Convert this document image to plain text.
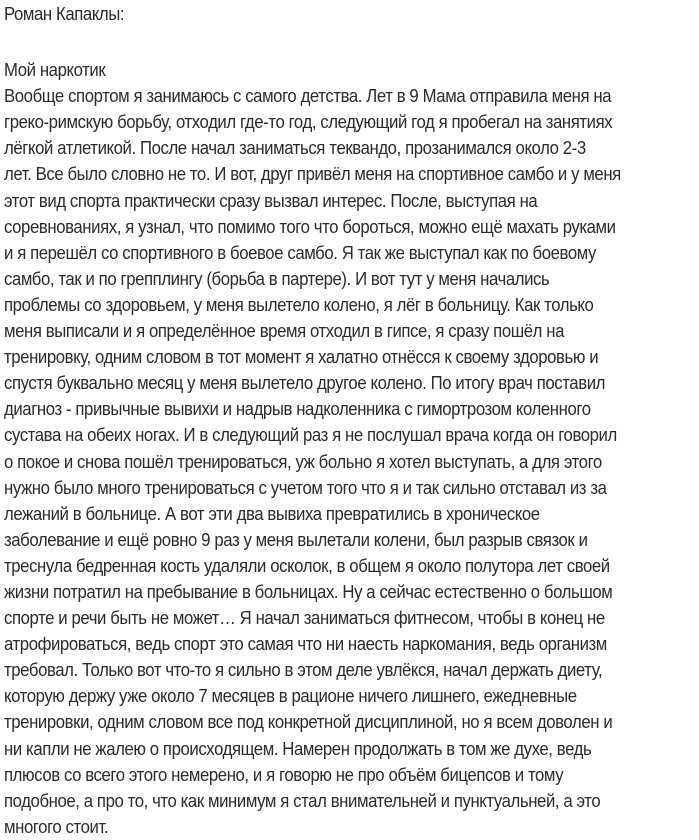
Роман Капаклы:
Мой наркотик
Вообще спортом я занимаюсь с самого детства. Лет в 9 Мама отправила меня на
греко-римскую борьбу, отходил где-то год, следующий год я пробегал на занятиях
лёгкой атлетикой. После начал заниматься тeквандо, прозанимался около 2-3
лет. Все было словно не то. И вот, друг привёл меня на спортивное самбо и у меня
этот вид спорта практически сразу вызвал интерес. После, выступая на
соревнованиях, я узнал, что помимо того что бороться, можно ещё махать руками
и я перешёл со спортивного в боевое самбо. Я так же выступал как по боевому
самбо, так и по грепплингу (борьба в партере). И вот тут у меня начались
проблемы со здоровьем, у меня вылетело колено, я лёг в больницу. Как только
меня выписали и я определённое время отходил в гипсе, я сразу пошёл на
тренировку, одним словом в тот момент я халатно отнёсся к своему здоровью и
спустя буквально месяц у меня вылетело другое колено. По итогу врач поставил
диагноз - привычные вывихи и надрыв надколенника с гимортрозом коленного
сустава на обеих ногах. И в следующий раз я не послушал врача когда он говорил
о покое и снова пошёл тренироваться, уж больно я хотел выступать, а для этого
нужно было много тренироваться с учетом того что я и так сильно отставал из за
лежаний в больнице. А вот эти два вывиха превратились в хроническое
заболевание и ещё ровно 9 раз у меня вылетали колени, был разрыв связок и
треснула бедренная кость удаляли осколок, в общем я около полутора лет своей
жизни потратил на пребывание в больницах. Ну а сейчас естественно о большом
спорте и речи быть не может… Я начал заниматься фитнесом, чтобы в конец не
атрофироваться, ведь спорт это самая что ни наесть наркомания, ведь организм
требовал. Только вот что-то я сильно в этом деле увлёкся, начал держать диету,
которую держу уже около 7 месяцев в рационе ничего лишнего, ежедневные
тренировки, одним словом все под конкретной дисциплиной, но я всем доволен и
ни капли не жалею о происходящем. Намерен продолжать в том же духе, ведь
плюсов со всего этого немерено, и я говорю не про объём бицепсов и тому
подобное, а про то, что как минимум я стал внимательней и пунктуальней, а это
многого стоит.
